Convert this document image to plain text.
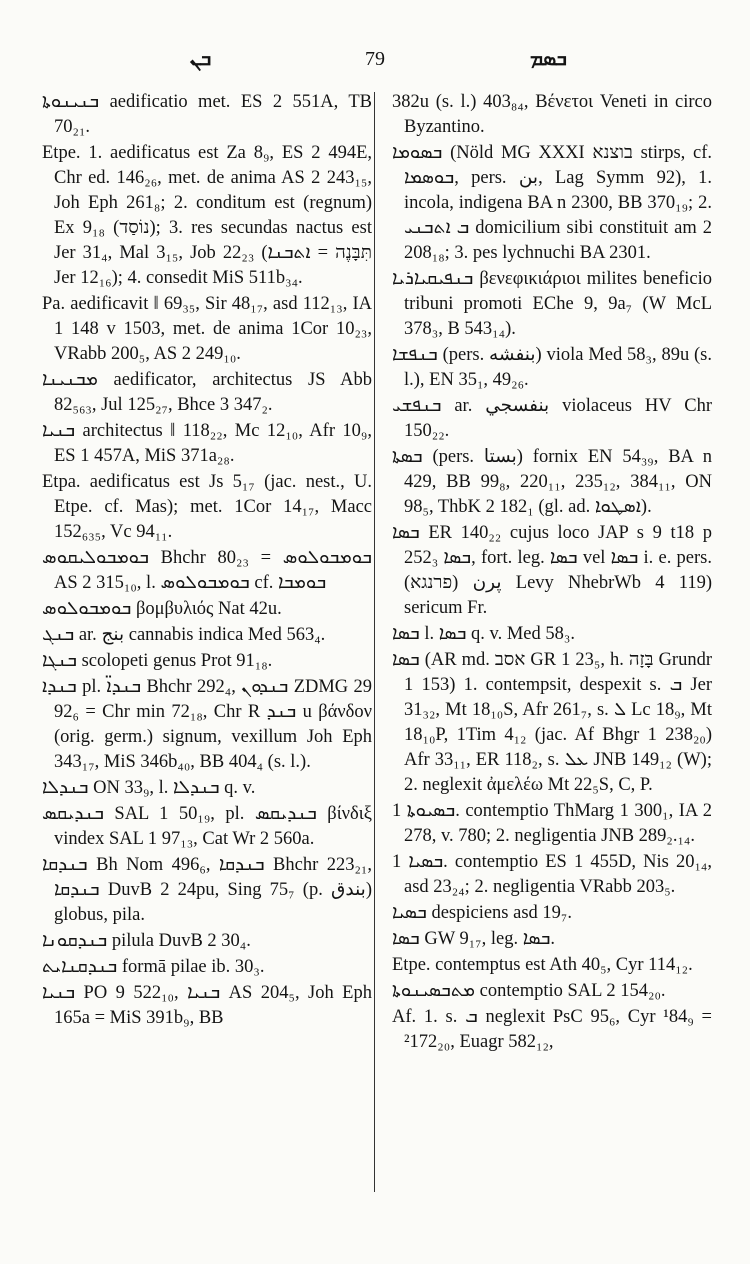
ܒܢ	79	ܒܣܡ

ܒܢܝܢܘܬܐ aedificatio met. ES 2 551A, TB 70₂₁.

Etpe. 1. aedificatus est Za 8₉, ES 2 494E, Chr ed. 146₂₆, met. de anima AS 2 243₁₅, Joh Eph 261₈; 2. conditum est (regnum) Ex 9₁₈ (נוֹסַד); 3. res secundas nactus est Jer 31₄, Mal 3₁₅, Job 22₂₃ (תִּבָּנֶה = ܐܬܒܢܐ Jer 12₁₆); 4. consedit MiS 511b₃₄.

Pa. aedificavit ‖ 69₃₅, Sir 48₁₇, asd 112₁₃, IA 1 148 v 1503, met. de anima 1Cor 10₂₃, VRabb 200₅, AS 2 249₁₀.

ܡܒܢܝܢܐ aedificator, architectus JS Abb 82₅₆₃, Jul 125₂₇, Bhce 3 347₂.

ܒܢܝܐ architectus ‖ 118₂₂, Mc 12₁₀, Afr 10₉, ES 1 457A, MiS 371a₂₈.

Etpa. aedificatus est Js 5₁₇ (jac. nest., U. Etpe. cf. Mas); met. 1Cor 14₁₇, Macc 152₆₃₅, Vc 94₁₁.

ܒܘܡܒܘܠܝܩܘܣ Bhchr 80₂₃ = ܒܘܡܒܘܠܘܣ AS 2 315₁₀, l. ܒܘܡܒܘܠܘܣ cf. ܒܘܡܒܐ

ܒܘܡܒܘܠܘܣ βομβυλιός Nat 42u.

ܒܢܓ ar. بنج cannabis indica Med 563₄.

ܒܢܓܐ scolopeti genus Prot 91₁₈.

ܒܢܕܐ pl. ܒܢܕܐ̈ Bhchr 292₄, ܒܢܕܘܢ ZDMG 29 92₆ = Chr min 72₁₈, Chr R ܒܢܕ u βάνδον (orig. germ.) signum, vexillum Joh Eph 343₁₇, MiS 346b₄₀, BB 404₄ (s. l.).

ܒܢܕܠܐ ON 33₉, l. ܒܢܕܠܐ q. v.

ܒܢܕܝܩܣ SAL 1 50₁₉, pl. ܒܢܕܝܩܣ βίνδιξ vindex SAL 1 97₁₃, Cat Wr 2 560a.

ܒܢܕܩܐ Bh Nom 496₆, ܒܢܕܩܐ Bhchr 223₂₁, ܒܢܕܩܐ DuvB 2 24pu, Sing 75₇ (p. بندق) globus, pila.

ܒܢܕܩܘܢܐ pilula DuvB 2 30₄.

ܒܢܕܩܢܐܝܬ formā pilae ib. 30₃.

ܒܢܝܐ PO 9 522₁₀, ܒܢܝܐ AS 204₅, Joh Eph 165a = MiS 391b₉, BB

382u (s. l.) 403₈₄, Βένετοι Veneti in circo Byzantino.

ܒܣܘܡܐ (Nöld MG XXXI בוצנא stirps, cf. ܒܘܣܡܐ, pers. بن, Lag Symm 92), 1. incola, indigena BA n 2300, BB 370₁₉; 2. ܒ ܐܬܒܢܝ domicilium sibi constituit am 2 208₁₈; 3. pes lychnuchi BA 2301.

ܒܢܦܝܩܝܐܪܝܐ βενεφικιάριοι milites beneficio tribuni promoti EChe 9, 9a₇ (W McL 378₃, B 543₁₄).

ܒܢܦܫܐ (pers. بنفشه) viola Med 58₃, 89u (s. l.), EN 35₁, 49₂₆.

ܒܢܦܫܝ ar. بنفسجي violaceus HV Chr 150₂₂.

ܒܣܬܐ (pers. بستا) fornix EN 54₃₉, BA n 429, BB 99₈, 220₁₁, 235₁₂, 384₁₁, ON 98₅, ThbK 2 182₁ (gl. ad. ܐܣܛܘܐ).

ܒܣܐ ER 140₂₂ cujus loco JAP s 9 t18 p 252₃ ܒܣܐ, fort. leg. ܒܣܐ vel ܒܣܐ i. e. pers. پرن (פרנגא) Levy NhebrWb 4 119) sericum Fr.

ܒܣܐ l. ܒܣܐ q. v. Med 58₃.

ܒܣܐ (AR md. אסב GR 1 23₅, h. בָּזָה Grundr 1 153) 1. contempsit, despexit s. ܒ Jer 31₃₂, Mt 18₁₀S, Afr 261₇, s. ܠ Lc 18₉, Mt 18₁₀P, 1Tim 4₁₂ (jac. Af Bhgr 1 238₂₀) Afr 33₁₁, ER 118₂, s. ܥܠ JNB 149₁₂ (W); 2. neglexit ἀμελέω Mt 22₅S, C, P.

ܒܣܝܘܬܐ 1. contemptio ThMarg 1 300₁, IA 2 278, v. 780; 2. negligentia JNB 289₂.₁₄.

ܒܣܝܐ 1. contemptio ES 1 455D, Nis 20₁₄, asd 23₂₄; 2. negligentia VRabb 203₅.

ܒܣܝܐ despiciens asd 19₇.

ܒܣܐ GW 9₁₇, leg. ܒܣܐ.

Etpe. contemptus est Ath 40₅, Cyr 114₁₂.

ܡܬܒܣܝܢܘܬܐ contemptio SAL 2 154₂₀.

Af. 1. s. ܒ neglexit PsC 95₆, Cyr ¹84₉ = ²172₂₀, Euagr 582₁₂,
